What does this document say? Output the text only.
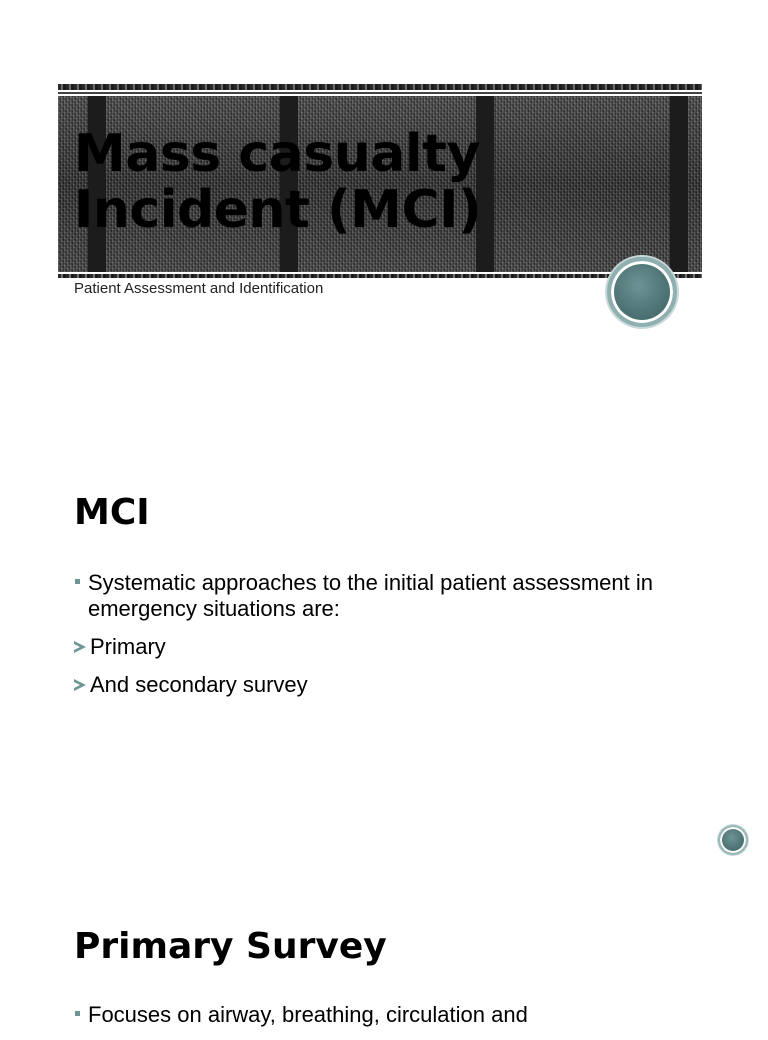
Mass casualty Incident (MCI)

Patient Assessment and Identification

MCI
Systematic approaches to the initial patient assessment in emergency situations are:
Primary
And secondary survey
Primary Survey
Focuses on airway, breathing, circulation and
